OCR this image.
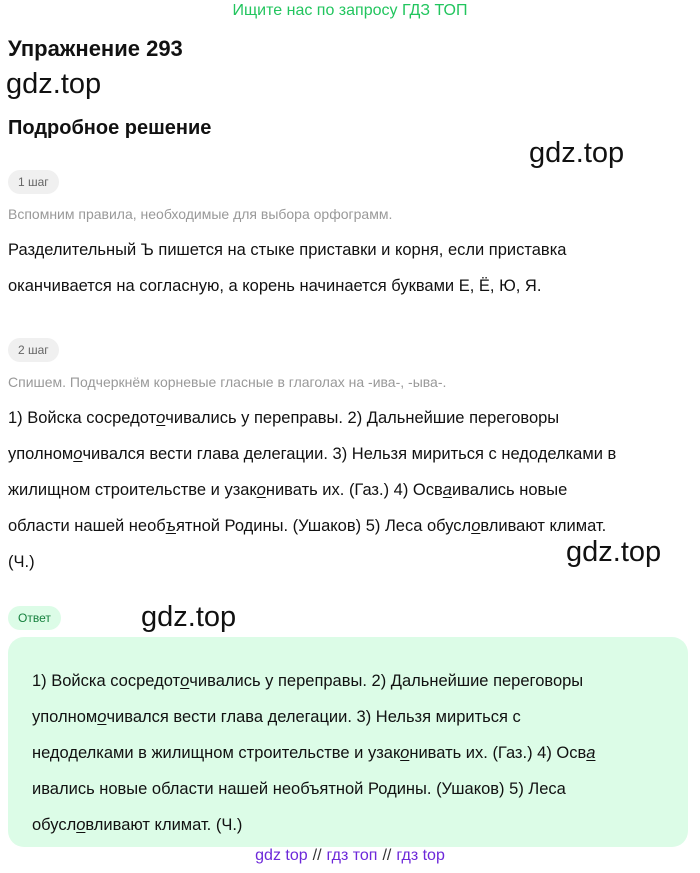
Ищите нас по запросу ГДЗ ТОП
Упражнение 293
gdz.top
Подробное решение
gdz.top
1 шаг
Вспомним правила, необходимые для выбора орфограмм.
Разделительный Ъ пишется на стыке приставки и корня, если приставка
оканчивается на согласную, а корень начинается буквами Е, Ё, Ю, Я.
2 шаг
Спишем. Подчеркнём корневые гласные в глаголах на -ива-, -ыва-.
1) Войска сосредоточивались у переправы. 2) Дальнейшие переговоры
уполномочивался вести глава делегации. 3) Нельзя мириться с недоделками в
жилищном строительстве и узаконивать их. (Газ.) 4) Осваивались новые
области нашей необъятной Родины. (Ушаков) 5) Леса обусловливают климат.
(Ч.)	gdz.top
Ответ	gdz.top
1) Войска сосредоточивались у переправы. 2) Дальнейшие переговоры
уполномочивался вести глава делегации. 3) Нельзя мириться с
недоделками в жилищном строительстве и узаконивать их. (Газ.) 4) Осва
ивались новые области нашей необъятной Родины. (Ушаков) 5) Леса
обусловливают климат. (Ч.)
gdz top // гдз топ // гдз top
